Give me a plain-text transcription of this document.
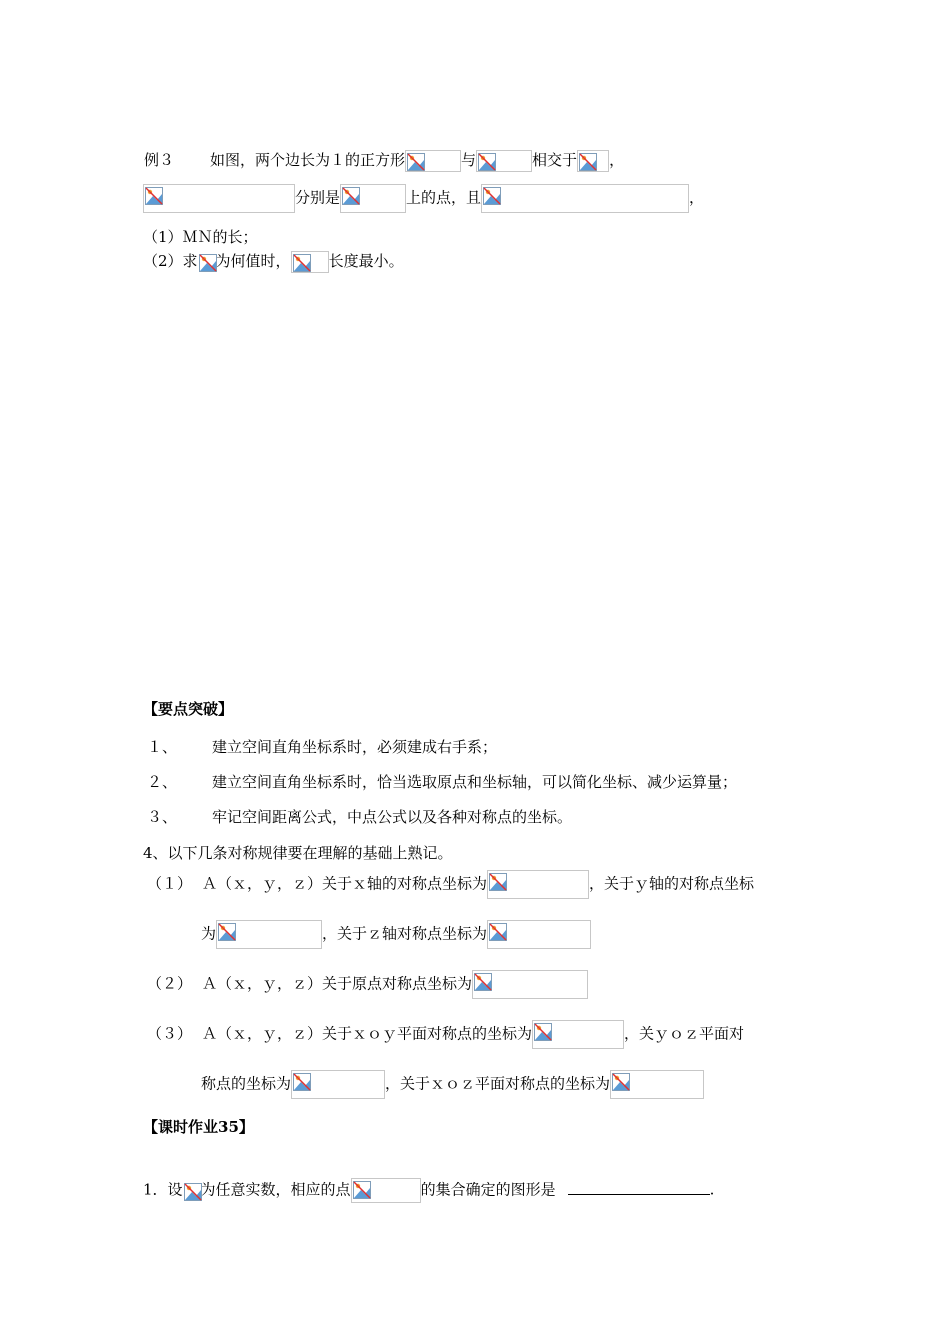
例３ 如图，两个边长为１的正方形	与	相交于 ，
分别是	上的点，且	，
（1）ＭＮ的长；
（2）求 为何值时，	长度最小。
【要点突破】
１、 建立空间直角坐标系时，必须建成右手系；
２、 建立空间直角坐标系时，恰当选取原点和坐标轴，可以简化坐标、减少运算量；
３、 牢记空间距离公式，中点公式以及各种对称点的坐标。
4、以下几条对称规律要在理解的基础上熟记。
（１） Ａ（ｘ，ｙ，ｚ）关于ｘ轴的对称点坐标为	，关于ｙ轴的对称点坐标
为	，关于ｚ轴对称点坐标为
（２） Ａ（ｘ，ｙ，ｚ）关于原点对称点坐标为
（３） Ａ（ｘ，ｙ，ｚ）关于ｘｏｙ平面对称点的坐标为	，关ｙｏｚ平面对
称点的坐标为	，关于ｘｏｚ平面对称点的坐标为
【课时作业35】
1．设 为任意实数，相应的点	的集合确定的图形是	.
